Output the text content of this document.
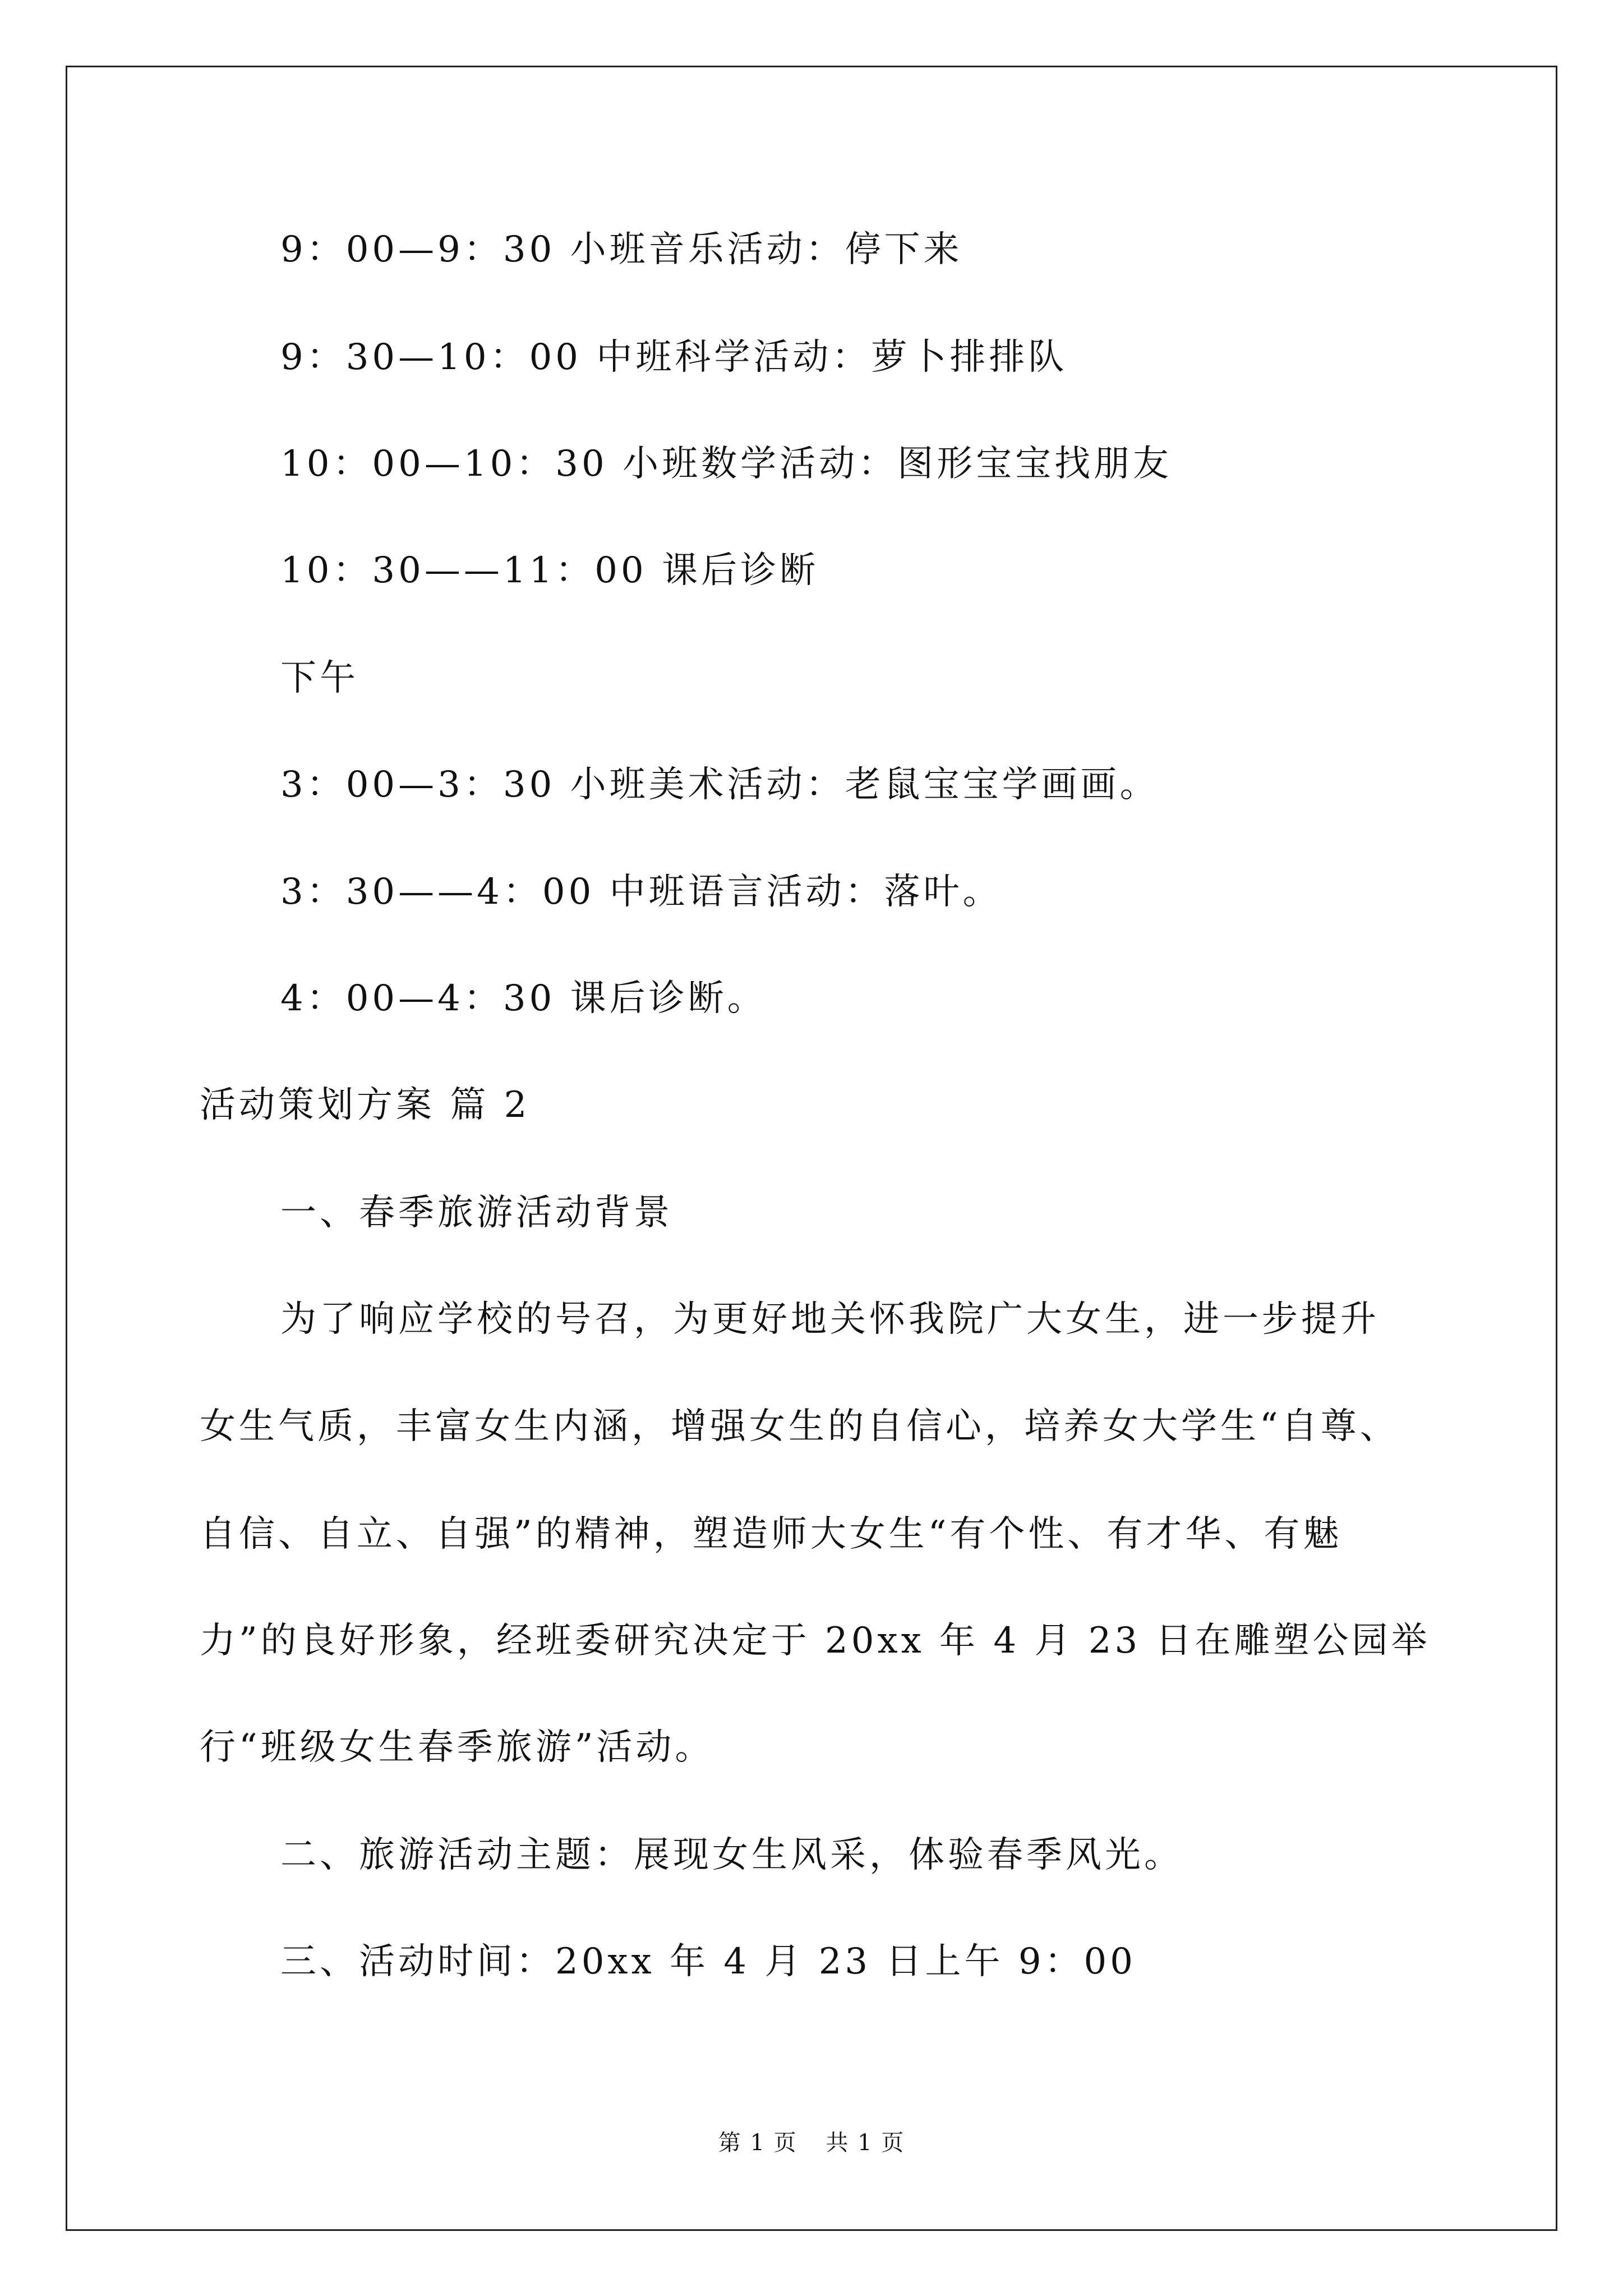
9：00—9：30 小班音乐活动：停下来
9：30—10：00 中班科学活动：萝卜排排队
10：00—10：30 小班数学活动：图形宝宝找朋友
10：30——11：00 课后诊断
下午
3：00—3：30 小班美术活动：老鼠宝宝学画画。
3：30——4：00 中班语言活动：落叶。
4：00—4：30 课后诊断。
活动策划方案 篇 2
一、春季旅游活动背景
为了响应学校的号召，为更好地关怀我院广大女生，进一步提升
女生气质，丰富女生内涵，增强女生的自信心，培养女大学生“自尊、
自信、自立、自强”的精神，塑造师大女生“有个性、有才华、有魅
力”的良好形象，经班委研究决定于 20xx 年 4 月 23 日在雕塑公园举
行“班级女生春季旅游”活动。
二、旅游活动主题：展现女生风采，体验春季风光。
三、活动时间：20xx 年 4 月 23 日上午 9：00
第 1 页 共 1 页
